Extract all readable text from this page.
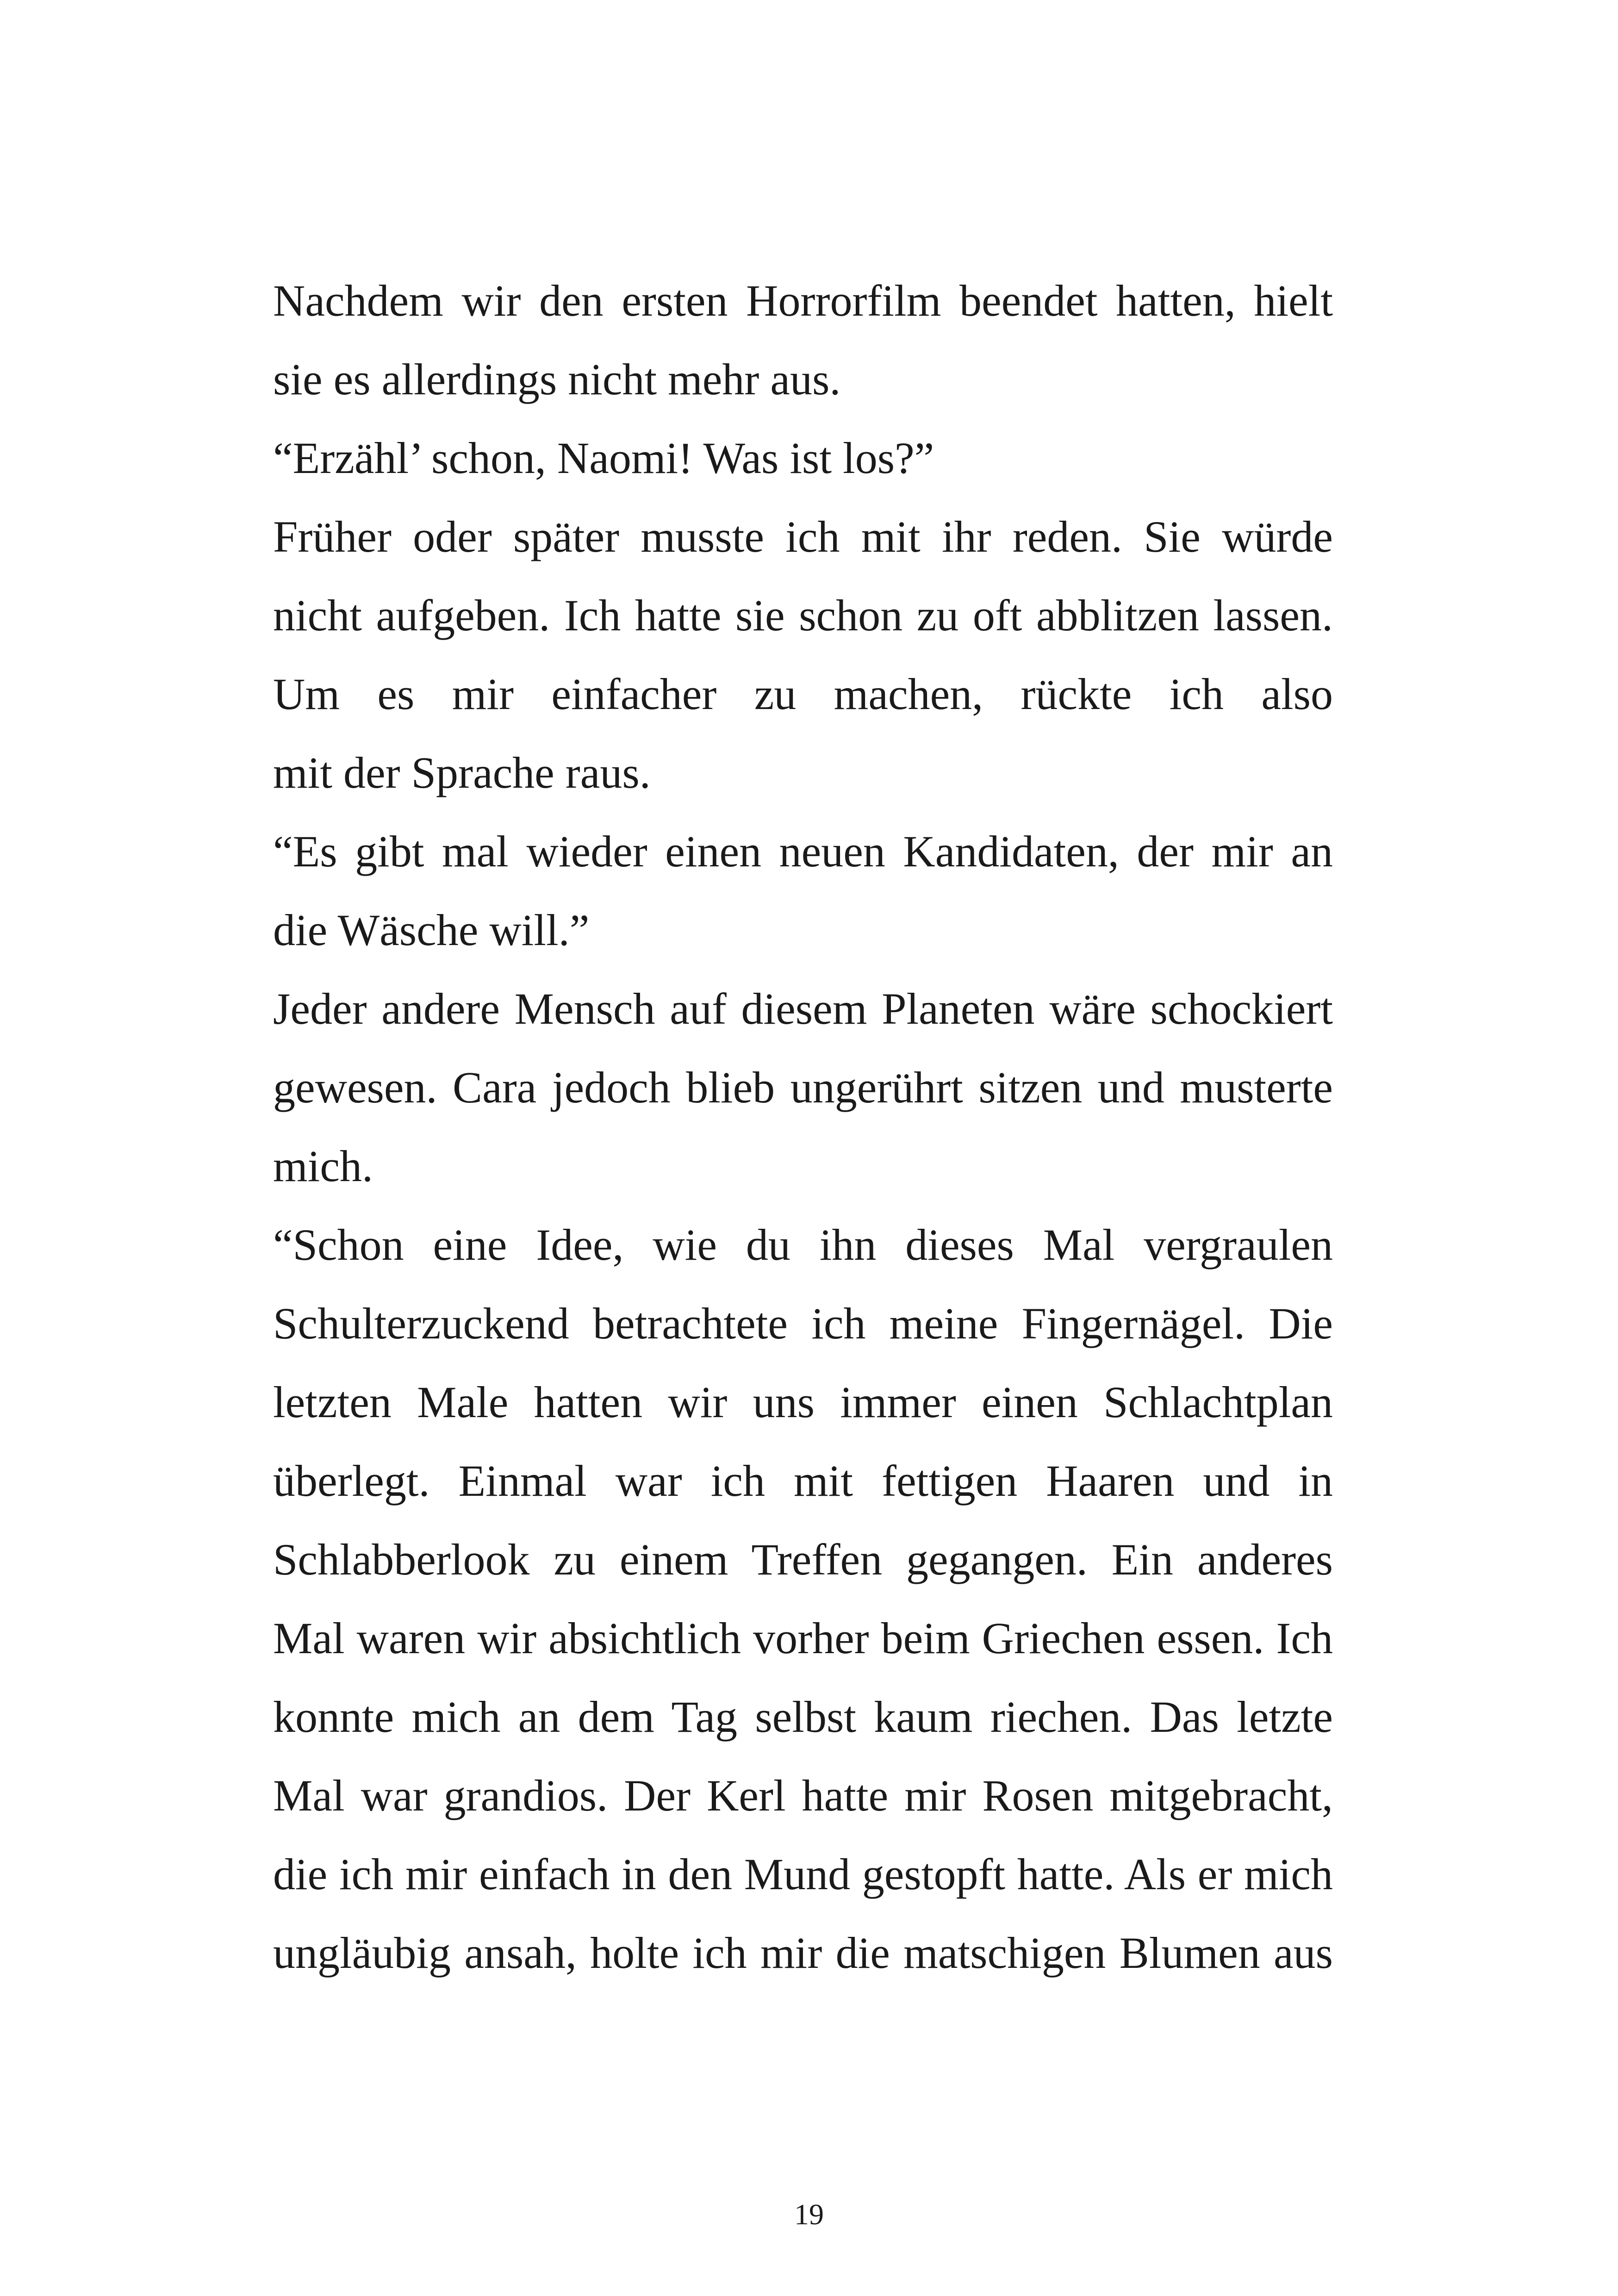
Nachdem wir den ersten Horrorfilm beendet hatten, hielt
sie es allerdings nicht mehr aus.
“Erzähl’ schon, Naomi! Was ist los?”
Früher oder später musste ich mit ihr reden. Sie würde
nicht aufgeben. Ich hatte sie schon zu oft abblitzen lassen.
Um es mir einfacher zu machen, rückte ich also
mit der Sprache raus.
“Es gibt mal wieder einen neuen Kandidaten, der mir an
die Wäsche will.”
Jeder andere Mensch auf diesem Planeten wäre schockiert
gewesen. Cara jedoch blieb ungerührt sitzen und musterte
mich.
“Schon eine Idee, wie du ihn dieses Mal vergraulen
Schulterzuckend betrachtete ich meine Fingernägel. Die
letzten Male hatten wir uns immer einen Schlachtplan
überlegt. Einmal war ich mit fettigen Haaren und in
Schlabberlook zu einem Treffen gegangen. Ein anderes
Mal waren wir absichtlich vorher beim Griechen essen. Ich
konnte mich an dem Tag selbst kaum riechen. Das letzte
Mal war grandios. Der Kerl hatte mir Rosen mitgebracht,
die ich mir einfach in den Mund gestopft hatte. Als er mich
ungläubig ansah, holte ich mir die matschigen Blumen aus
19
